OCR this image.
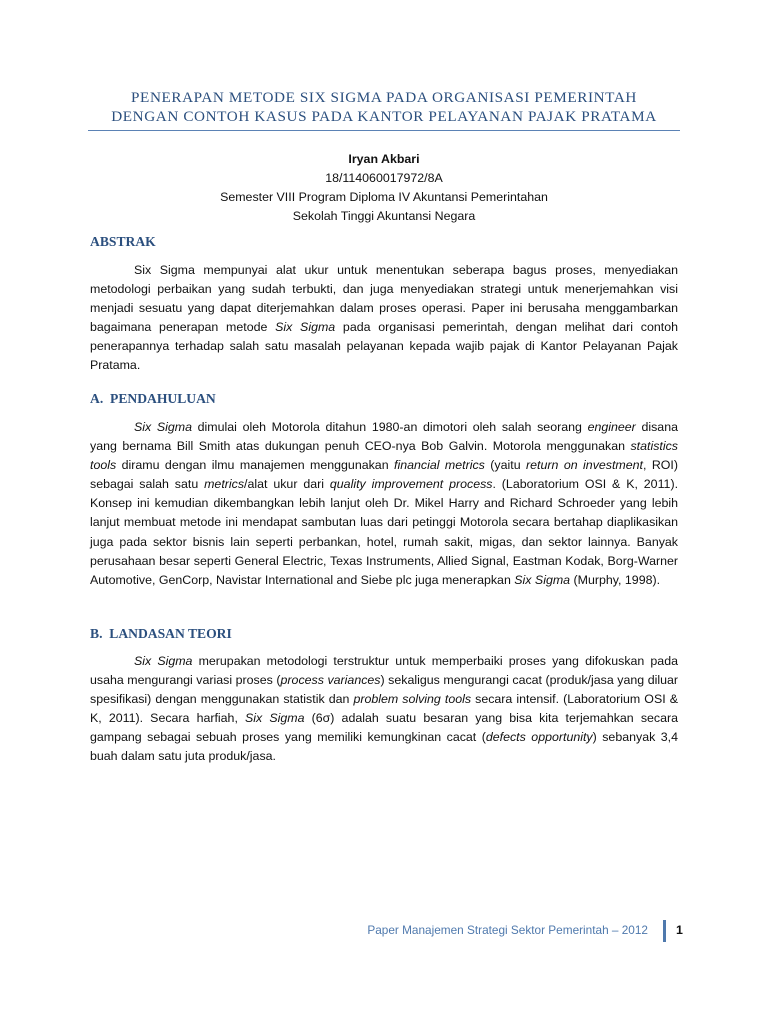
PENERAPAN METODE SIX SIGMA PADA ORGANISASI PEMERINTAH
DENGAN CONTOH KASUS PADA KANTOR PELAYANAN PAJAK PRATAMA
Iryan Akbari
18/114060017972/8A
Semester VIII Program Diploma IV Akuntansi Pemerintahan
Sekolah Tinggi Akuntansi Negara
ABSTRAK

Six Sigma mempunyai alat ukur untuk menentukan seberapa bagus proses, menyediakan metodologi perbaikan yang sudah terbukti, dan juga menyediakan strategi untuk menerjemahkan visi menjadi sesuatu yang dapat diterjemahkan dalam proses operasi. Paper ini berusaha menggambarkan bagaimana penerapan metode Six Sigma pada organisasi pemerintah, dengan melihat dari contoh penerapannya terhadap salah satu masalah pelayanan kepada wajib pajak di Kantor Pelayanan Pajak Pratama.

A.  PENDAHULUAN

Six Sigma dimulai oleh Motorola ditahun 1980-an dimotori oleh salah seorang engineer disana yang bernama Bill Smith atas dukungan penuh CEO-nya Bob Galvin. Motorola menggunakan statistics tools diramu dengan ilmu manajemen menggunakan financial metrics (yaitu return on investment, ROI) sebagai salah satu metrics/alat ukur dari quality improvement process. (Laboratorium OSI & K, 2011). Konsep ini kemudian dikembangkan lebih lanjut oleh Dr. Mikel Harry and Richard Schroeder yang lebih lanjut membuat metode ini mendapat sambutan luas dari petinggi Motorola secara bertahap diaplikasikan juga pada sektor bisnis lain seperti perbankan, hotel, rumah sakit, migas, dan sektor lainnya. Banyak perusahaan besar seperti General Electric, Texas Instruments, Allied Signal, Eastman Kodak, Borg-Warner Automotive, GenCorp, Navistar International and Siebe plc juga menerapkan Six Sigma (Murphy, 1998).

B.  LANDASAN TEORI

Six Sigma merupakan metodologi terstruktur untuk memperbaiki proses yang difokuskan pada usaha mengurangi variasi proses (process variances) sekaligus mengurangi cacat (produk/jasa yang diluar spesifikasi) dengan menggunakan statistik dan problem solving tools secara intensif. (Laboratorium OSI & K, 2011). Secara harfiah, Six Sigma (6σ) adalah suatu besaran yang bisa kita terjemahkan secara gampang sebagai sebuah proses yang memiliki kemungkinan cacat (defects opportunity) sebanyak 3,4 buah dalam satu juta produk/jasa.

Paper Manajemen Strategi Sektor Pemerintah – 2012 1
